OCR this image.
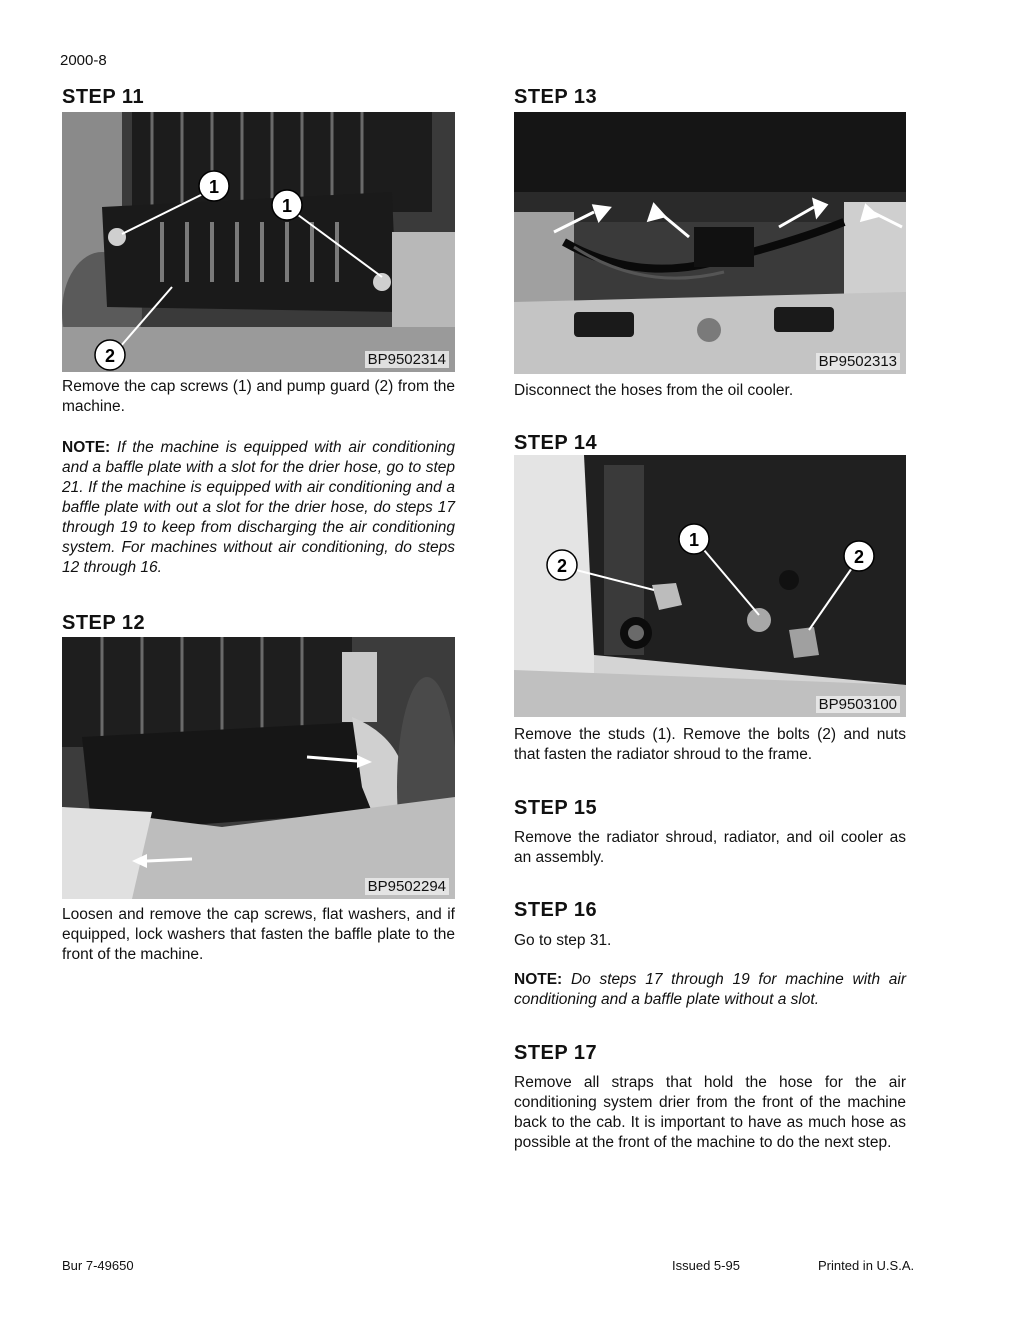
2000-8
STEP 11
1
1
2	BP9502314
Remove the cap screws (1) and pump guard (2) from the machine.
NOTE: If the machine is equipped with air conditioning and a baffle plate with a slot for the drier hose, go to step 21. If the machine is equipped with air conditioning and a baffle plate with out a slot for the drier hose, do steps 17 through 19 to keep from discharging the air conditioning system. For machines without air conditioning, do steps 12 through 16.
STEP 12
BP9502294
Loosen and remove the cap screws, flat washers, and if equipped, lock washers that fasten the baffle plate to the front of the machine.
STEP 13
BP9502313
Disconnect the hoses from the oil cooler.
STEP 14
2
1
2
BP9503100
Remove the studs (1). Remove the bolts (2) and nuts that fasten the radiator shroud to the frame.
STEP 15
Remove the radiator shroud, radiator, and oil cooler as an assembly.
STEP 16
Go to step 31.
NOTE: Do steps 17 through 19 for machine with air conditioning and a baffle plate without a slot.
STEP 17
Remove all straps that hold the hose for the air conditioning system drier from the front of the machine back to the cab. It is important to have as much hose as possible at the front of the machine to do the next step.
Bur 7-49650	Issued 5-95	Printed in U.S.A.
